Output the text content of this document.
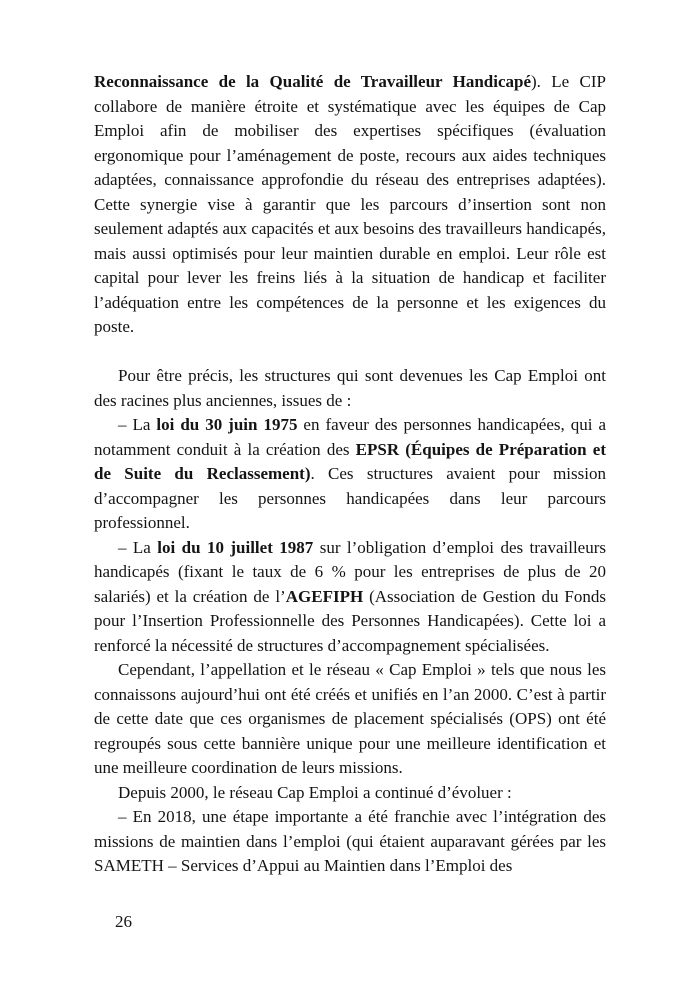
Reconnaissance de la Qualité de Travailleur Handicapé). Le CIP collabore de manière étroite et systématique avec les équipes de Cap Emploi afin de mobiliser des expertises spécifiques (évaluation ergonomique pour l’aménagement de poste, recours aux aides techniques adaptées, connaissance approfondie du réseau des entreprises adaptées). Cette synergie vise à garantir que les parcours d’insertion sont non seulement adaptés aux capacités et aux besoins des travailleurs handicapés, mais aussi optimisés pour leur maintien durable en emploi. Leur rôle est capital pour lever les freins liés à la situation de handicap et faciliter l’adéquation entre les compétences de la personne et les exigences du poste.

Pour être précis, les structures qui sont devenues les Cap Emploi ont des racines plus anciennes, issues de :

– La loi du 30 juin 1975 en faveur des personnes handicapées, qui a notamment conduit à la création des EPSR (Équipes de Préparation et de Suite du Reclassement). Ces structures avaient pour mission d’accompagner les personnes handicapées dans leur parcours professionnel.

– La loi du 10 juillet 1987 sur l’obligation d’emploi des travailleurs handicapés (fixant le taux de 6 % pour les entreprises de plus de 20 salariés) et la création de l’AGEFIPH (Association de Gestion du Fonds pour l’Insertion Professionnelle des Personnes Handicapées). Cette loi a renforcé la nécessité de structures d’accompagnement spécialisées.

Cependant, l’appellation et le réseau « Cap Emploi » tels que nous les connaissons aujourd’hui ont été créés et unifiés en l’an 2000. C’est à partir de cette date que ces organismes de placement spécialisés (OPS) ont été regroupés sous cette bannière unique pour une meilleure identification et une meilleure coordination de leurs missions.

Depuis 2000, le réseau Cap Emploi a continué d’évoluer :

– En 2018, une étape importante a été franchie avec l’intégration des missions de maintien dans l’emploi (qui étaient auparavant gérées par les SAMETH – Services d’Appui au Maintien dans l’Emploi des

26
